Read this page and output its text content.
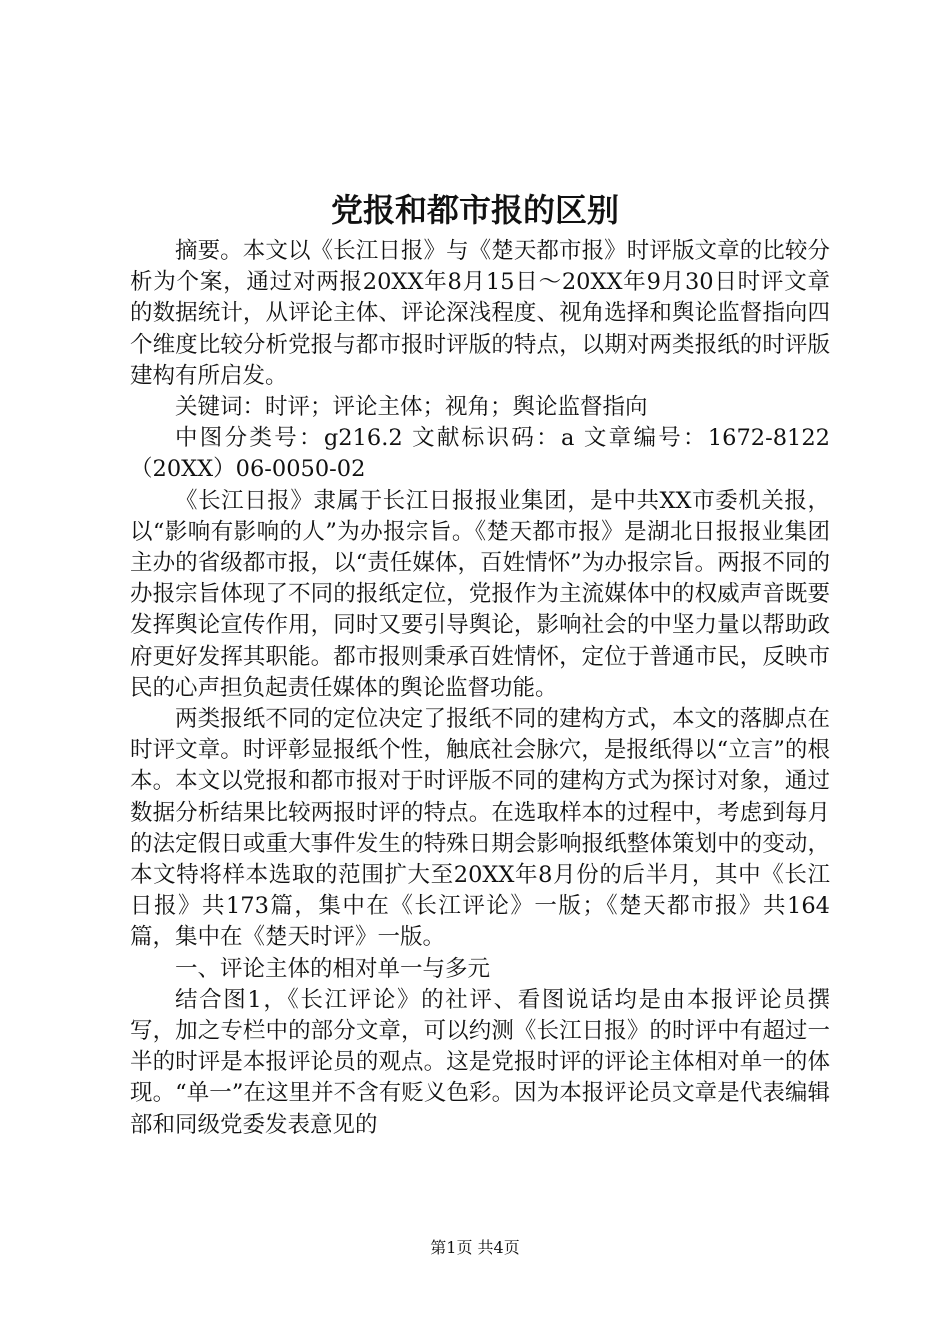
党报和都市报的区别

摘要。本文以《长江日报》与《楚天都市报》时评版文章的比较分析为个案，通过对两报20XX年8月15日～20XX年9月30日时评文章的数据统计，从评论主体、评论深浅程度、视角选择和舆论监督指向四个维度比较分析党报与都市报时评版的特点，以期对两类报纸的时评版建构有所启发。

关键词：时评；评论主体；视角；舆论监督指向

中图分类号：g216.2 文献标识码：a 文章编号：1672-8122（20XX）06-0050-02

《长江日报》隶属于长江日报报业集团，是中共XX市委机关报，以“影响有影响的人”为办报宗旨。《楚天都市报》是湖北日报报业集团主办的省级都市报，以“责任媒体，百姓情怀”为办报宗旨。两报不同的办报宗旨体现了不同的报纸定位，党报作为主流媒体中的权威声音既要发挥舆论宣传作用，同时又要引导舆论，影响社会的中坚力量以帮助政府更好发挥其职能。都市报则秉承百姓情怀，定位于普通市民，反映市民的心声担负起责任媒体的舆论监督功能。

两类报纸不同的定位决定了报纸不同的建构方式，本文的落脚点在时评文章。时评彰显报纸个性，触底社会脉穴，是报纸得以“立言”的根本。本文以党报和都市报对于时评版不同的建构方式为探讨对象，通过数据分析结果比较两报时评的特点。在选取样本的过程中，考虑到每月的法定假日或重大事件发生的特殊日期会影响报纸整体策划中的变动，本文特将样本选取的范围扩大至20XX年8月份的后半月，其中《长江日报》共173篇，集中在《长江评论》一版；《楚天都市报》共164篇，集中在《楚天时评》一版。

一、评论主体的相对单一与多元

结合图1，《长江评论》的社评、看图说话均是由本报评论员撰写，加之专栏中的部分文章，可以约测《长江日报》的时评中有超过一半的时评是本报评论员的观点。这是党报时评的评论主体相对单一的体现。“单一”在这里并不含有贬义色彩。因为本报评论员文章是代表编辑部和同级党委发表意见的

第1页 共4页
